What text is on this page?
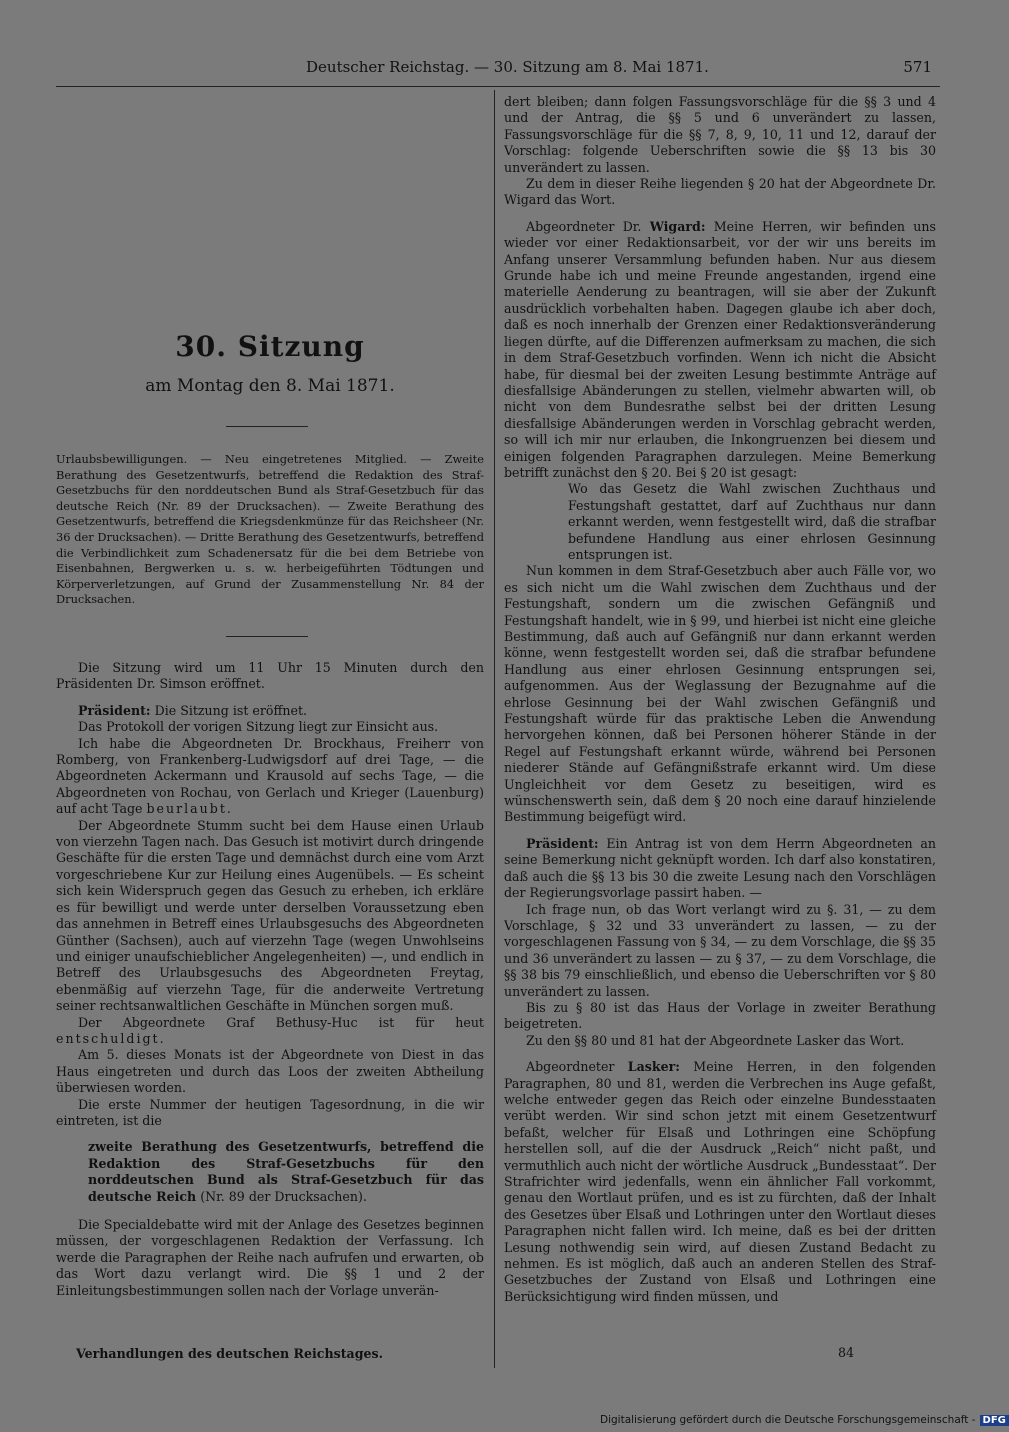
Deutscher Reichstag. — 30. Sitzung am 8. Mai 1871.	571
30. Sitzung
am Montag den 8. Mai 1871.
Urlaubsbewilligungen. — Neu eingetretenes Mitglied. — Zweite Berathung des Gesetzentwurfs, betreffend die Redaktion des Straf-Gesetzbuchs für den norddeutschen Bund als Straf-Gesetzbuch für das deutsche Reich (Nr. 89 der Drucksachen). — Zweite Berathung des Gesetzentwurfs, betreffend die Kriegsdenkmünze für das Reichsheer (Nr. 36 der Drucksachen). — Dritte Berathung des Gesetzentwurfs, betreffend die Verbindlichkeit zum Schadenersatz für die bei dem Betriebe von Eisenbahnen, Bergwerken u. s. w. herbeigeführten Tödtungen und Körperverletzungen, auf Grund der Zusammenstellung Nr. 84 der Drucksachen.

Die Sitzung wird um 11 Uhr 15 Minuten durch den Präsidenten Dr. Simson eröffnet.

Präsident: Die Sitzung ist eröffnet.

Das Protokoll der vorigen Sitzung liegt zur Einsicht aus.

Ich habe die Abgeordneten Dr. Brockhaus, Freiherr von Romberg, von Frankenberg-Ludwigsdorf auf drei Tage, — die Abgeordneten Ackermann und Krausold auf sechs Tage, — die Abgeordneten von Rochau, von Gerlach und Krieger (Lauenburg) auf acht Tage beurlaubt.

Der Abgeordnete Stumm sucht bei dem Hause einen Urlaub von vierzehn Tagen nach. Das Gesuch ist motivirt durch dringende Geschäfte für die ersten Tage und demnächst durch eine vom Arzt vorgeschriebene Kur zur Heilung eines Augenübels. — Es scheint sich kein Widerspruch gegen das Gesuch zu erheben, ich erkläre es für bewilligt und werde unter derselben Voraussetzung eben das annehmen in Betreff eines Urlaubsgesuchs des Abgeordneten Günther (Sachsen), auch auf vierzehn Tage (wegen Unwohlseins und einiger unaufschieblicher Angelegenheiten) —, und endlich in Betreff des Urlaubsgesuchs des Abgeordneten Freytag, ebenmäßig auf vierzehn Tage, für die anderweite Vertretung seiner rechtsanwaltlichen Geschäfte in München sorgen muß.

Der Abgeordnete Graf Bethusy-Huc ist für heut entschuldigt.

Am 5. dieses Monats ist der Abgeordnete von Diest in das Haus eingetreten und durch das Loos der zweiten Abtheilung überwiesen worden.

Die erste Nummer der heutigen Tagesordnung, in die wir eintreten, ist die

zweite Berathung des Gesetzentwurfs, betreffend die Redaktion des Straf-Gesetzbuchs für den norddeutschen Bund als Straf-Gesetzbuch für das deutsche Reich (Nr. 89 der Drucksachen).

Die Specialdebatte wird mit der Anlage des Gesetzes beginnen müssen, der vorgeschlagenen Redaktion der Verfassung. Ich werde die Paragraphen der Reihe nach aufrufen und erwarten, ob das Wort dazu verlangt wird. Die §§ 1 und 2 der Einleitungsbestimmungen sollen nach der Vorlage unverän-

Verhandlungen des deutschen Reichstages.

dert bleiben; dann folgen Fassungsvorschläge für die §§ 3 und 4 und der Antrag, die §§ 5 und 6 unverändert zu lassen, Fassungsvorschläge für die §§ 7, 8, 9, 10, 11 und 12, darauf der Vorschlag: folgende Ueberschriften sowie die §§ 13 bis 30 unverändert zu lassen.

Zu dem in dieser Reihe liegenden § 20 hat der Abgeordnete Dr. Wigard das Wort.

Abgeordneter Dr. Wigard: Meine Herren, wir befinden uns wieder vor einer Redaktionsarbeit, vor der wir uns bereits im Anfang unserer Versammlung befunden haben. Nur aus diesem Grunde habe ich und meine Freunde angestanden, irgend eine materielle Aenderung zu beantragen, will sie aber der Zukunft ausdrücklich vorbehalten haben. Dagegen glaube ich aber doch, daß es noch innerhalb der Grenzen einer Redaktionsveränderung liegen dürfte, auf die Differenzen aufmerksam zu machen, die sich in dem Straf-Gesetzbuch vorfinden. Wenn ich nicht die Absicht habe, für diesmal bei der zweiten Lesung bestimmte Anträge auf diesfallsige Abänderungen zu stellen, vielmehr abwarten will, ob nicht von dem Bundesrathe selbst bei der dritten Lesung diesfallsige Abänderungen werden in Vorschlag gebracht werden, so will ich mir nur erlauben, die Inkongruenzen bei diesem und einigen folgenden Paragraphen darzulegen. Meine Bemerkung betrifft zunächst den § 20. Bei § 20 ist gesagt:

Wo das Gesetz die Wahl zwischen Zuchthaus und Festungshaft gestattet, darf auf Zuchthaus nur dann erkannt werden, wenn festgestellt wird, daß die strafbar befundene Handlung aus einer ehrlosen Gesinnung entsprungen ist.

Nun kommen in dem Straf-Gesetzbuch aber auch Fälle vor, wo es sich nicht um die Wahl zwischen dem Zuchthaus und der Festungshaft, sondern um die zwischen Gefängniß und Festungshaft handelt, wie in § 99, und hierbei ist nicht eine gleiche Bestimmung, daß auch auf Gefängniß nur dann erkannt werden könne, wenn festgestellt worden sei, daß die strafbar befundene Handlung aus einer ehrlosen Gesinnung entsprungen sei, aufgenommen. Aus der Weglassung der Bezugnahme auf die ehrlose Gesinnung bei der Wahl zwischen Gefängniß und Festungshaft würde für das praktische Leben die Anwendung hervorgehen können, daß bei Personen höherer Stände in der Regel auf Festungshaft erkannt würde, während bei Personen niederer Stände auf Gefängnißstrafe erkannt wird. Um diese Ungleichheit vor dem Gesetz zu beseitigen, wird es wünschenswerth sein, daß dem § 20 noch eine darauf hinzielende Bestimmung beigefügt wird.

Präsident: Ein Antrag ist von dem Herrn Abgeordneten an seine Bemerkung nicht geknüpft worden. Ich darf also konstatiren, daß auch die §§ 13 bis 30 die zweite Lesung nach den Vorschlägen der Regierungsvorlage passirt haben. —

Ich frage nun, ob das Wort verlangt wird zu §. 31, — zu dem Vorschlage, § 32 und 33 unverändert zu lassen, — zu der vorgeschlagenen Fassung von § 34, — zu dem Vorschlage, die §§ 35 und 36 unverändert zu lassen — zu § 37, — zu dem Vorschlage, die §§ 38 bis 79 einschließlich, und ebenso die Ueberschriften vor § 80 unverändert zu lassen.

Bis zu § 80 ist das Haus der Vorlage in zweiter Berathung beigetreten.

Zu den §§ 80 und 81 hat der Abgeordnete Lasker das Wort.

Abgeordneter Lasker: Meine Herren, in den folgenden Paragraphen, 80 und 81, werden die Verbrechen ins Auge gefaßt, welche entweder gegen das Reich oder einzelne Bundesstaaten verübt werden. Wir sind schon jetzt mit einem Gesetzentwurf befaßt, welcher für Elsaß und Lothringen eine Schöpfung herstellen soll, auf die der Ausdruck „Reich“ nicht paßt, und vermuthlich auch nicht der wörtliche Ausdruck „Bundesstaat“. Der Strafrichter wird jedenfalls, wenn ein ähnlicher Fall vorkommt, genau den Wortlaut prüfen, und es ist zu fürchten, daß der Inhalt des Gesetzes über Elsaß und Lothringen unter den Wortlaut dieses Paragraphen nicht fallen wird. Ich meine, daß es bei der dritten Lesung nothwendig sein wird, auf diesen Zustand Bedacht zu nehmen. Es ist möglich, daß auch an anderen Stellen des Straf-Gesetzbuches der Zustand von Elsaß und Lothringen eine Berücksichtigung wird finden müssen, und

84
Digitalisierung gefördert durch die Deutsche Forschungsgemeinschaft - DFG
